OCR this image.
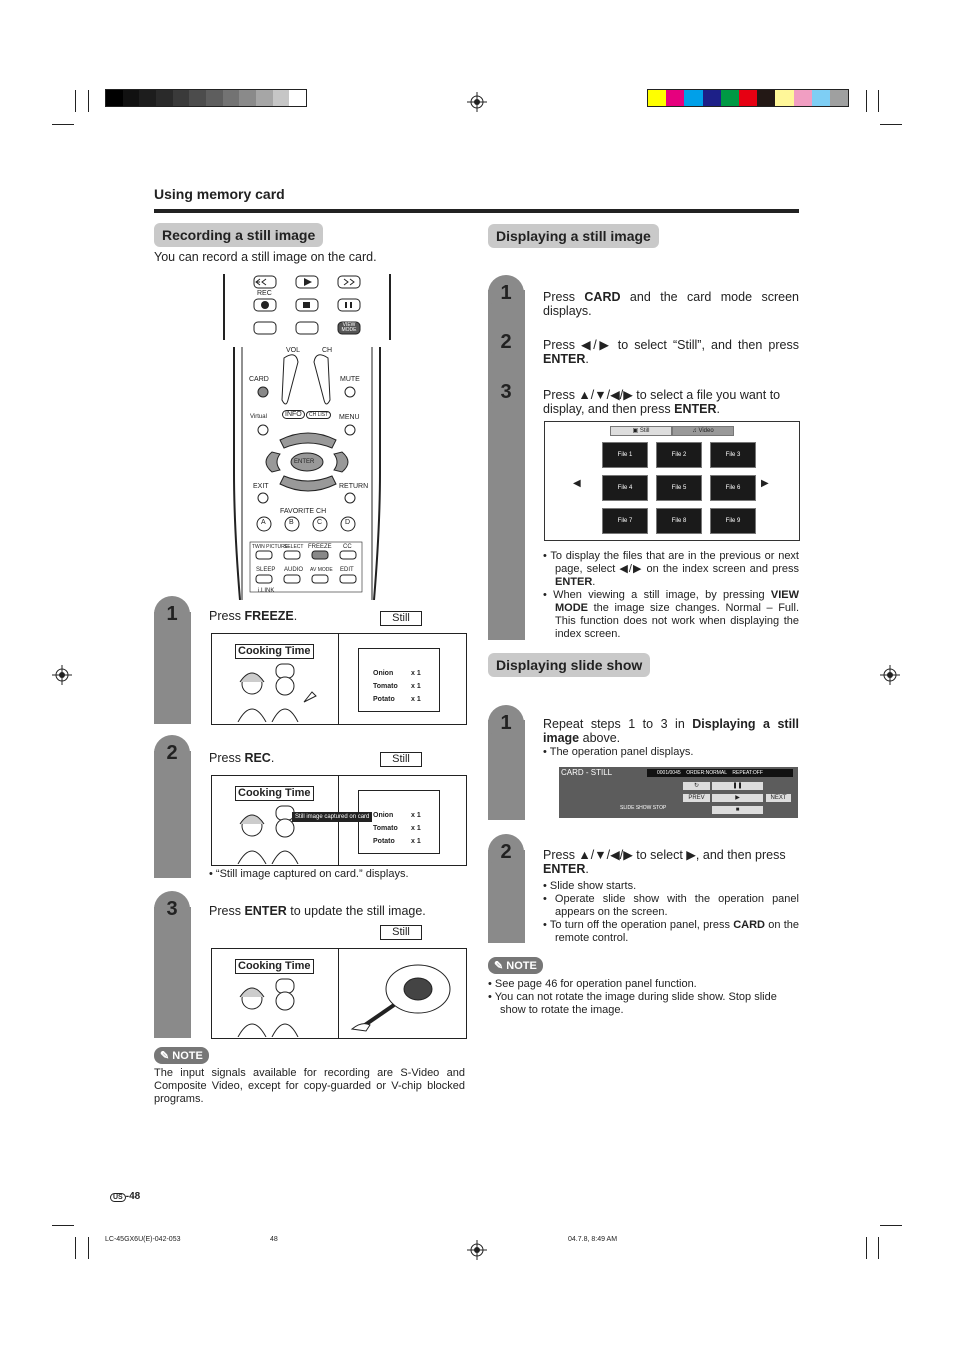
Using memory card
Recording a still image
You can record a still image on the card.
REC
VIEW MODE
VOL	CH
CARD	MUTE
Virtual	INFO	CH LIST	MENU
ENTER
EXIT	RETURN
FAVORITE CH
A	B	C	D
TWIN PICTURE
SELECT FREEZE CC
SLEEP AUDIO AV MODE EDIT
i.LINK
1	Press FREEZE.	Still
Cooking Time
Onion	x 1
Tomato x 1
Potato x 1
2	Press REC.	Still
Cooking Time
Onion	x 1
Tomato x 1
Potato x 1
Still image captured on card
• “Still image captured on card.” displays.
3	Press ENTER to update the still image.
Still
Cooking Time
✎ NOTE
The input signals available for recording are S-Video and Composite Video, except for copy-guarded or V-chip blocked programs.
Displaying a still image
1
2
3
Press CARD and the card mode screen displays.
Press ◀/▶ to select “Still”, and then press ENTER.
Press ▲/▼/◀/▶ to select a file you want to display, and then press ENTER.
▣ Still	♫ Video
◀	▶
File 1	File 2	File 3
File 4	File 5	File 6
File 7	File 8	File 9
• To display the files that are in the previous or next page, select ◀/▶ on the index screen and press ENTER.
• When viewing a still image, by pressing VIEW MODE the image size changes. Normal – Full. This function does not work when displaying the index screen.
Displaying slide show
1	Repeat steps 1 to 3 in Displaying a still image above.
• The operation panel displays.
CARD - STILL	0001/0045    ORDER:NORMAL    REPEAT:OFF
↻	❚❚
PREV	▶	NEXT
SLIDE SHOW STOP	■
2	Press ▲/▼/◀/▶ to select ▶, and then press ENTER.
• Slide show starts.
• Operate slide show with the operation panel appears on the screen.
• To turn off the operation panel, press CARD on the remote control.
✎ NOTE
• See page 46 for operation panel function.
• You can not rotate the image during slide show. Stop slide show to rotate the image.
US -48
LC-45GX6U(E)-042-053	48	04.7.8, 8:49 AM
